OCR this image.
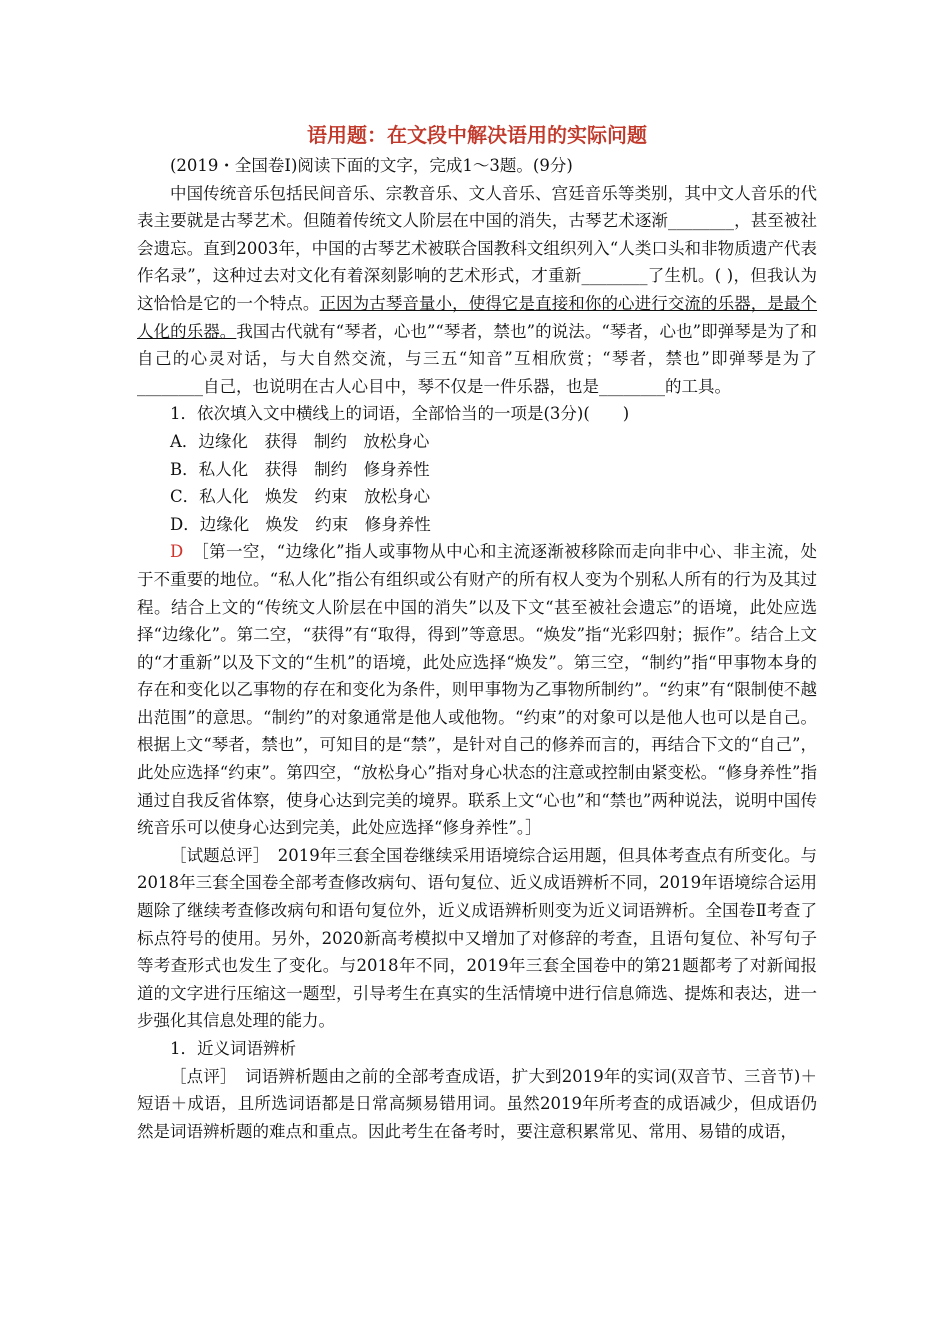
语用题：在文段中解决语用的实际问题

(2019・全国卷Ⅰ)阅读下面的文字，完成1～3题。(9分)

中国传统音乐包括民间音乐、宗教音乐、文人音乐、宫廷音乐等类别，其中文人音乐的代表主要就是古琴艺术。但随着传统文人阶层在中国的消失，古琴艺术逐渐________，甚至被社会遗忘。直到2003年，中国的古琴艺术被联合国教科文组织列入“人类口头和非物质遗产代表作名录”，这种过去对文化有着深刻影响的艺术形式，才重新________了生机。( )，但我认为这恰恰是它的一个特点。正因为古琴音量小，使得它是直接和你的心进行交流的乐器，是最个人化的乐器。我国古代就有“琴者，心也”“琴者，禁也”的说法。“琴者，心也”即弹琴是为了和自己的心灵对话，与大自然交流，与三五“知音”互相欣赏；“琴者，禁也”即弹琴是为了________自己，也说明在古人心目中，琴不仅是一件乐器，也是________的工具。

1．依次填入文中横线上的词语，全部恰当的一项是(3分)(　　)

A．边缘化　获得　制约　放松身心

B．私人化　获得　制约　修身养性

C．私人化　焕发　约束　放松身心

D．边缘化　焕发　约束　修身养性

D　 ［第一空，“边缘化”指人或事物从中心和主流逐渐被移除而走向非中心、非主流，处于不重要的地位。“私人化”指公有组织或公有财产的所有权人变为个别私人所有的行为及其过程。结合上文的“传统文人阶层在中国的消失”以及下文“甚至被社会遗忘”的语境，此处应选择“边缘化”。第二空，“获得”有“取得，得到”等意思。“焕发”指“光彩四射；振作”。结合上文的“才重新”以及下文的“生机”的语境，此处应选择“焕发”。第三空，“制约”指“甲事物本身的存在和变化以乙事物的存在和变化为条件，则甲事物为乙事物所制约”。“约束”有“限制使不越出范围”的意思。“制约”的对象通常是他人或他物。“约束”的对象可以是他人也可以是自己。根据上文“琴者，禁也”，可知目的是“禁”，是针对自己的修养而言的，再结合下文的“自己”，此处应选择“约束”。第四空，“放松身心”指对身心状态的注意或控制由紧变松。“修身养性”指通过自我反省体察，使身心达到完美的境界。联系上文“心也”和“禁也”两种说法，说明中国传统音乐可以使身心达到完美，此处应选择“修身养性”。］

［试题总评］　2019年三套全国卷继续采用语境综合运用题，但具体考查点有所变化。与2018年三套全国卷全部考查修改病句、语句复位、近义成语辨析不同，2019年语境综合运用题除了继续考查修改病句和语句复位外，近义成语辨析则变为近义词语辨析。全国卷Ⅱ考查了标点符号的使用。另外，2020新高考模拟中又增加了对修辞的考查，且语句复位、补写句子等考查形式也发生了变化。与2018年不同，2019年三套全国卷中的第21题都考了对新闻报道的文字进行压缩这一题型，引导考生在真实的生活情境中进行信息筛选、提炼和表达，进一步强化其信息处理的能力。

1．近义词语辨析

［点评］　词语辨析题由之前的全部考查成语，扩大到2019年的实词(双音节、三音节)＋短语＋成语，且所选词语都是日常高频易错用词。虽然2019年所考查的成语减少，但成语仍然是词语辨析题的难点和重点。因此考生在备考时，要注意积累常见、常用、易错的成语，
